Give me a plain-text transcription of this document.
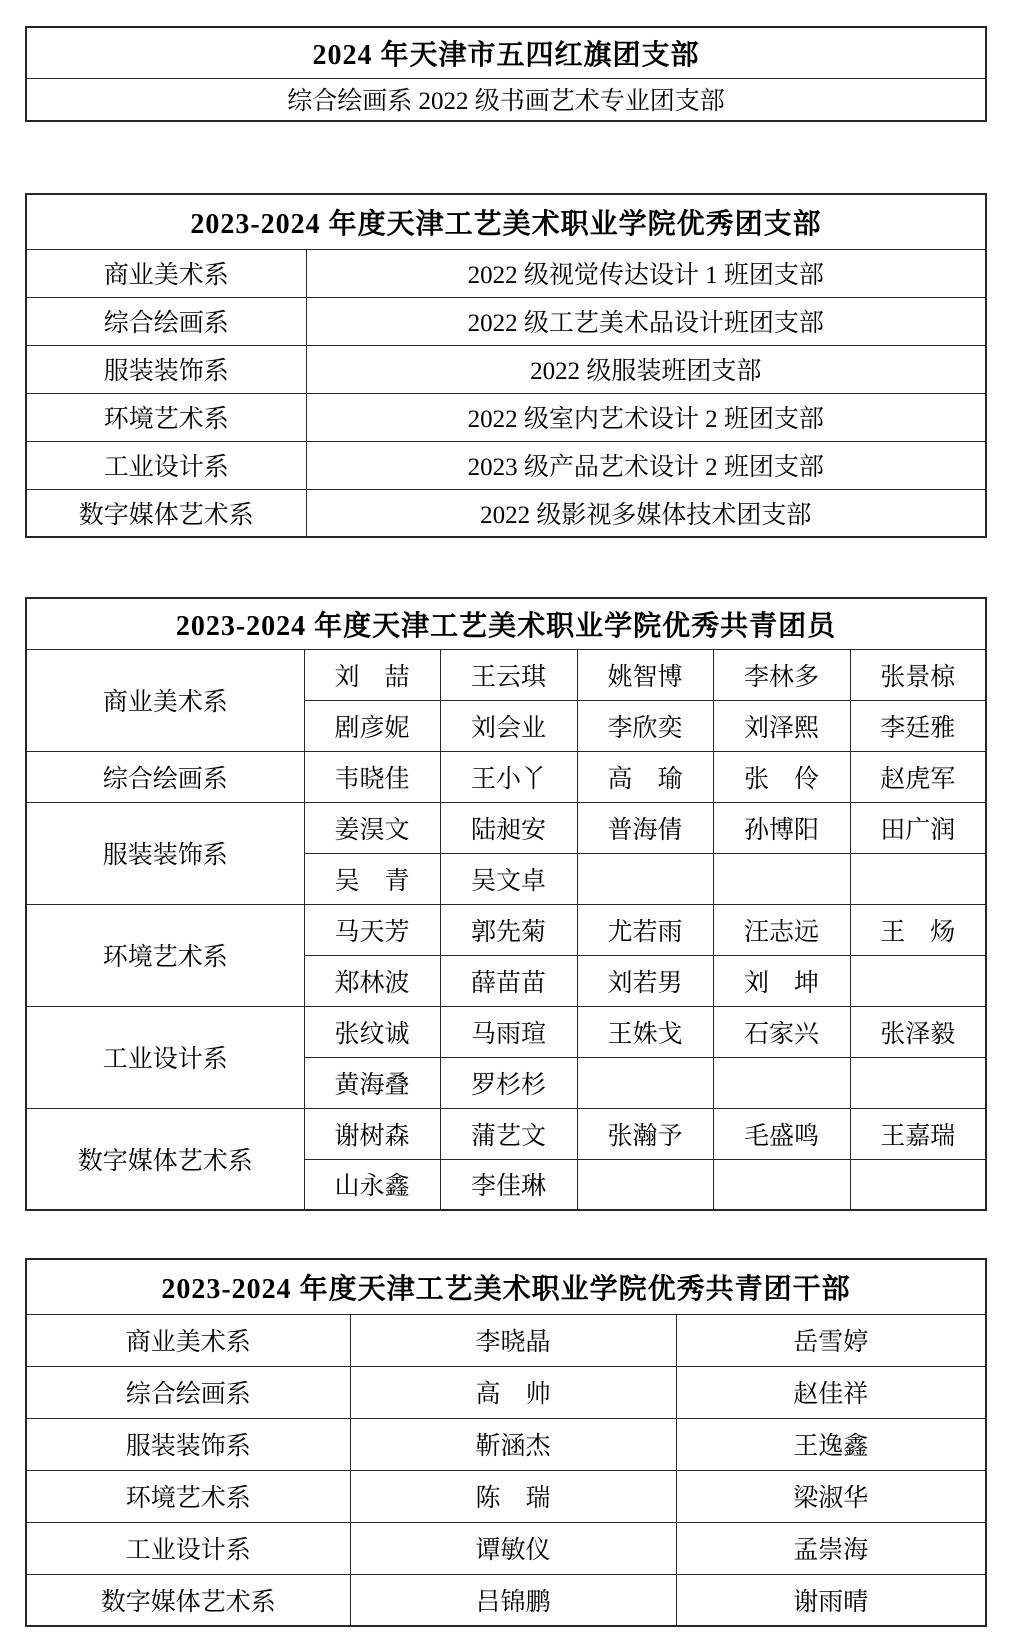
2024 年天津市五四红旗团支部
综合绘画系 2022 级书画艺术专业团支部
2023-2024 年度天津工艺美术职业学院优秀团支部	
商业美术系	2022 级视觉传达设计 1 班团支部
综合绘画系	2022 级工艺美术品设计班团支部
服装装饰系	2022 级服装班团支部
环境艺术系	2022 级室内艺术设计 2 班团支部
工业设计系	2023 级产品艺术设计 2 班团支部
数字媒体艺术系	2022 级影视多媒体技术团支部
2023-2024 年度天津工艺美术职业学院优秀共青团员					
商业美术系	刘　喆	王云琪	姚智博	李林多	张景椋
	剧彦妮	刘会业	李欣奕	刘泽熙	李廷雅
综合绘画系	韦晓佳	王小丫	高　瑜	张　伶	赵虎军
服装装饰系	姜淏文	陆昶安	普海倩	孙博阳	田广润
	吴　青	吴文卓			
环境艺术系	马天芳	郭先菊	尤若雨	汪志远	王　炀
	郑林波	薛苗苗	刘若男	刘　坤	
工业设计系	张纹诚	马雨瑄	王姝戈	石家兴	张泽毅
	黄海叠	罗杉杉			
数字媒体艺术系	谢树森	蒲艺文	张瀚予	毛盛鸣	王嘉瑞
	山永鑫	李佳琳			
2023-2024 年度天津工艺美术职业学院优秀共青团干部		
商业美术系	李晓晶	岳雪婷
综合绘画系	高　帅	赵佳祥
服装装饰系	靳涵杰	王逸鑫
环境艺术系	陈　瑞	梁淑华
工业设计系	谭敏仪	孟崇海
数字媒体艺术系	吕锦鹏	谢雨晴
